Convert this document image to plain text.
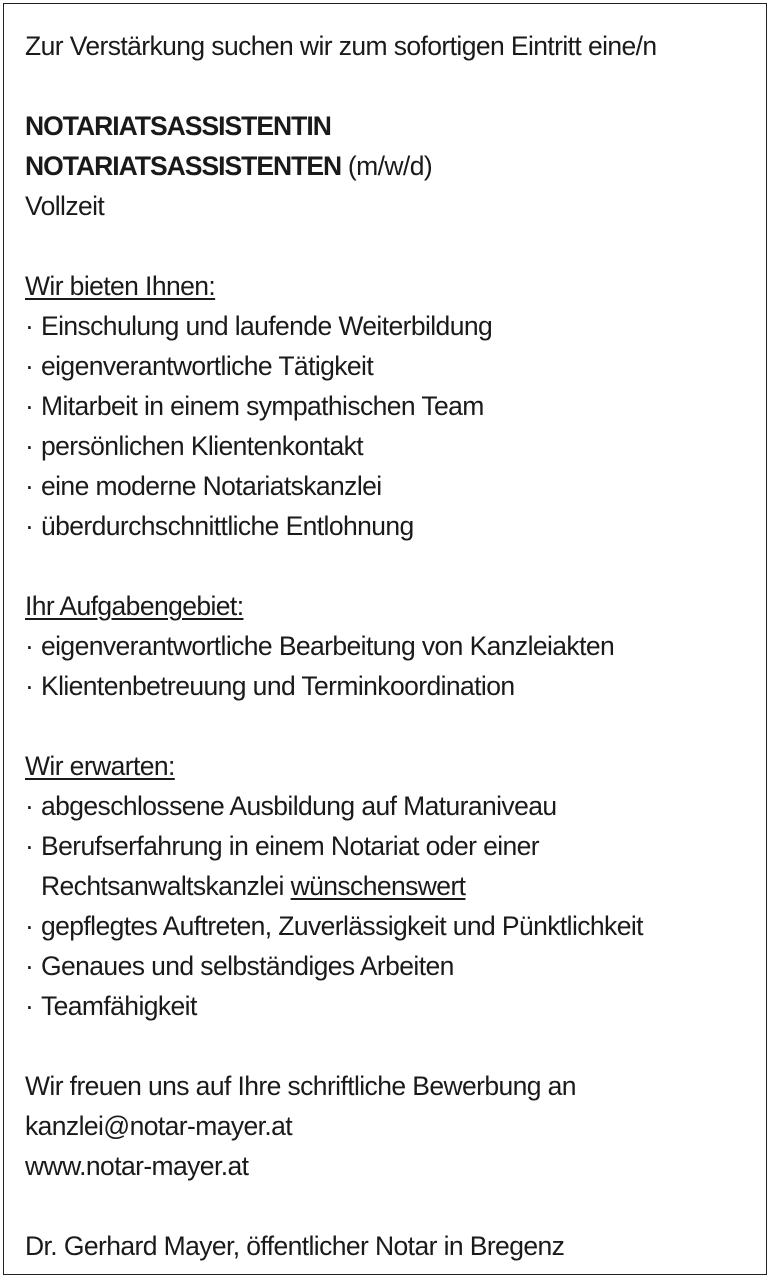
Zur Verstärkung suchen wir zum sofortigen Eintritt eine/n
NOTARIATSASSISTENTIN
NOTARIATSASSISTENTEN (m/w/d)
Vollzeit
Wir bieten Ihnen:
· Einschulung und laufende Weiterbildung
· eigenverantwortliche Tätigkeit
· Mitarbeit in einem sympathischen Team
· persönlichen Klientenkontakt
· eine moderne Notariatskanzlei
· überdurchschnittliche Entlohnung
Ihr Aufgabengebiet:
· eigenverantwortliche Bearbeitung von Kanzleiakten
· Klientenbetreuung und Terminkoordination
Wir erwarten:
· abgeschlossene Ausbildung auf Maturaniveau
· Berufserfahrung in einem Notariat oder einer
Rechtsanwaltskanzlei wünschenswert
· gepflegtes Auftreten, Zuverlässigkeit und Pünktlichkeit
· Genaues und selbständiges Arbeiten
· Teamfähigkeit
Wir freuen uns auf Ihre schriftliche Bewerbung an
kanzlei@notar-mayer.at
www.notar-mayer.at
Dr. Gerhard Mayer, öffentlicher Notar in Bregenz
